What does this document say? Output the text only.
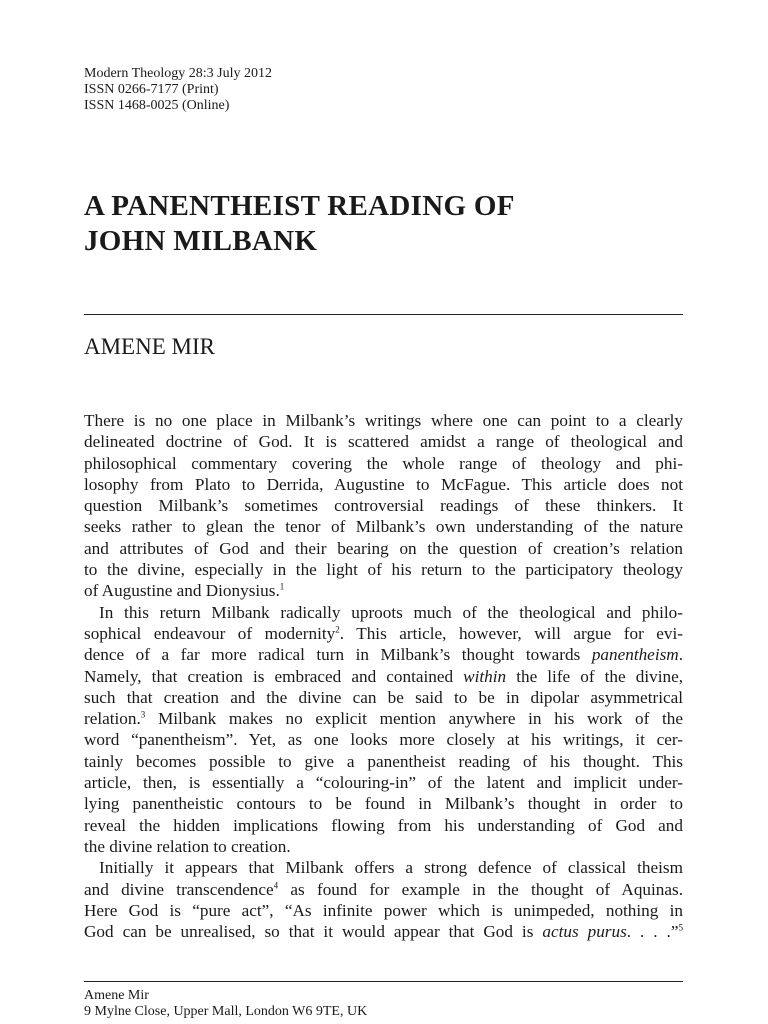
Modern Theology 28:3 July 2012
ISSN 0266-7177 (Print)
ISSN 1468-0025 (Online)
A PANENTHEIST READING OF
JOHN MILBANK
AMENE MIR
There is no one place in Milbank’s writings where one can point to a clearly
delineated doctrine of God. It is scattered amidst a range of theological and
philosophical commentary covering the whole range of theology and phi-
losophy from Plato to Derrida, Augustine to McFague. This article does not
question Milbank’s sometimes controversial readings of these thinkers. It
seeks rather to glean the tenor of Milbank’s own understanding of the nature
and attributes of God and their bearing on the question of creation’s relation
to the divine, especially in the light of his return to the participatory theology
of Augustine and Dionysius.$^1$
In this return Milbank radically uproots much of the theological and philo-
sophical endeavour of modernity$^2$. This article, however, will argue for evi-
dence of a far more radical turn in Milbank’s thought towards panentheism.
Namely, that creation is embraced and contained within the life of the divine,
such that creation and the divine can be said to be in dipolar asymmetrical
relation.$^3$ Milbank makes no explicit mention anywhere in his work of the
word “panentheism”. Yet, as one looks more closely at his writings, it cer-
tainly becomes possible to give a panentheist reading of his thought. This
article, then, is essentially a “colouring-in” of the latent and implicit under-
lying panentheistic contours to be found in Milbank’s thought in order to
reveal the hidden implications flowing from his understanding of God and
the divine relation to creation.
Initially it appears that Milbank offers a strong defence of classical theism
and divine transcendence$^4$ as found for example in the thought of Aquinas.
Here God is “pure act”, “As infinite power which is unimpeded, nothing in
God can be unrealised, so that it would appear that God is actus purus. . . .”$^5$
Amene Mir
9 Mylne Close, Upper Mall, London W6 9TE, UK
